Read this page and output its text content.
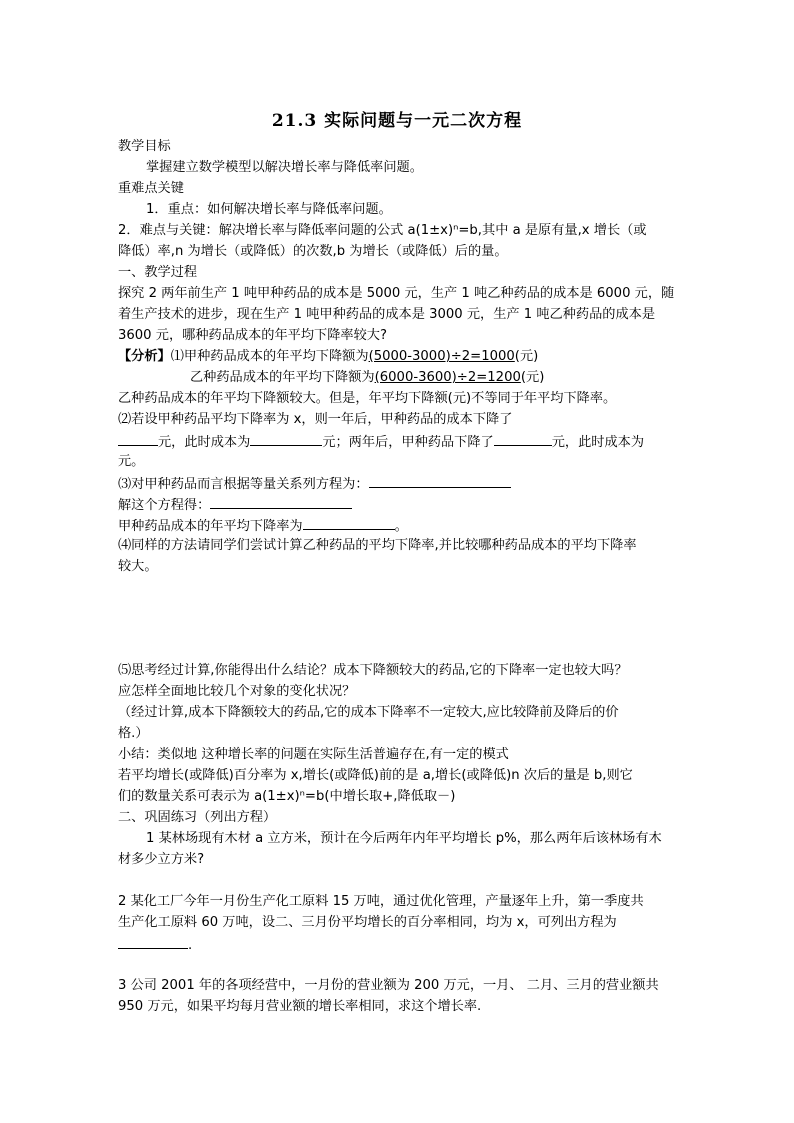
21.3 实际问题与一元二次方程
教学目标
掌握建立数学模型以解决增长率与降低率问题。
重难点关键
1．重点：如何解决增长率与降低率问题。
2．难点与关键：解决增长率与降低率问题的公式 a(1±x)ⁿ=b,其中 a 是原有量,x 增长（或
降低）率,n 为增长（或降低）的次数,b 为增长（或降低）后的量。
一、教学过程
探究 2 两年前生产 1 吨甲种药品的成本是 5000 元，生产 1 吨乙种药品的成本是 6000 元，随
着生产技术的进步，现在生产 1 吨甲种药品的成本是 3000 元，生产 1 吨乙种药品的成本是
3600 元，哪种药品成本的年平均下降率较大?
【分析】⑴甲种药品成本的年平均下降额为(5000-3000)÷2=1000(元)
乙种药品成本的年平均下降额为(6000-3600)÷2=1200(元)
乙种药品成本的年平均下降额较大。但是，年平均下降额(元)不等同于年平均下降率。
⑵若设甲种药品平均下降率为 x，则一年后，甲种药品的成本下降了
元，此时成本为	元；两年后，甲种药品下降了	元，此时成本为
元。
⑶对甲种药品而言根据等量关系列方程为：
解这个方程得：
甲种药品成本的年平均下降率为	。
⑷同样的方法请同学们尝试计算乙种药品的平均下降率,并比较哪种药品成本的平均下降率
较大。
⑸思考经过计算,你能得出什么结论？成本下降额较大的药品,它的下降率一定也较大吗？
应怎样全面地比较几个对象的变化状况？
（经过计算,成本下降额较大的药品,它的成本下降率不一定较大,应比较降前及降后的价
格.）
小结：类似地 这种增长率的问题在实际生活普遍存在,有一定的模式
若平均增长(或降低)百分率为 x,增长(或降低)前的是 a,增长(或降低)n 次后的量是 b,则它
们的数量关系可表示为 a(1±x)ⁿ=b(中增长取+,降低取－)
二、巩固练习（列出方程）
1 某林场现有木材 a 立方米，预计在今后两年内年平均增长 p%，那么两年后该林场有木
材多少立方米?
2 某化工厂今年一月份生产化工原料 15 万吨，通过优化管理，产量逐年上升，第一季度共
生产化工原料 60 万吨，设二、三月份平均增长的百分率相同，均为 x，可列出方程为
.
3 公司 2001 年的各项经营中，一月份的营业额为 200 万元，一月、 二月、三月的营业额共
950 万元，如果平均每月营业额的增长率相同，求这个增长率.
